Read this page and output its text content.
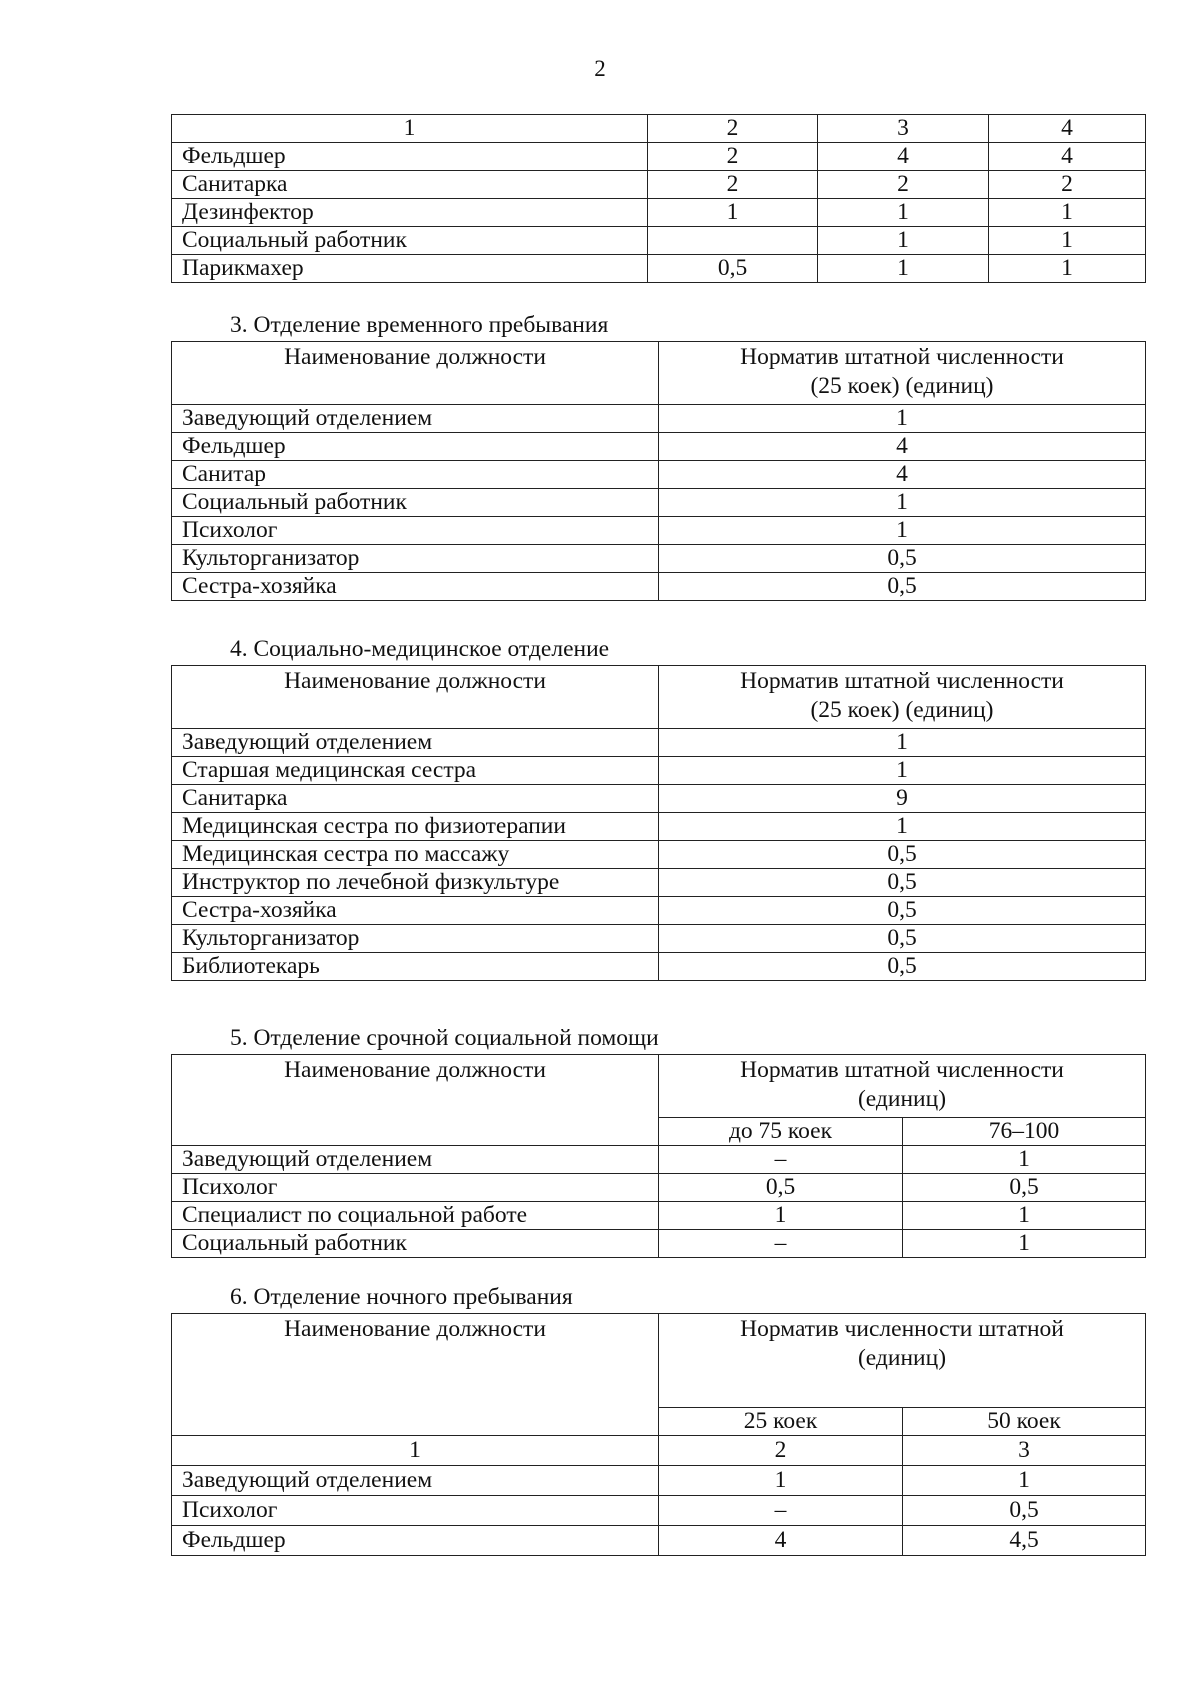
2
1	2	3	4
Фельдшер	2	4	4
Санитарка	2	2	2
Дезинфектор	1	1	1
Социальный работник		1	1
Парикмахер	0,5	1	1
3. Отделение временного пребывания
Наименование должности	Норматив штатной численности
(25 коек) (единиц)

Заведующий отделением	1
Фельдшер	4
Санитар	4
Социальный работник	1
Психолог	1
Культорганизатор	0,5
Сестра-хозяйка	0,5
4. Социально-медицинское отделение
Наименование должности	Норматив штатной численности
(25 коек) (единиц)

Заведующий отделением	1
Старшая медицинская сестра	1
Санитарка	9
Медицинская сестра по физиотерапии	1
Медицинская сестра по массажу	0,5
Инструктор по лечебной физкультуре	0,5
Сестра-хозяйка	0,5
Культорганизатор	0,5
Библиотекарь	0,5
5. Отделение срочной социальной помощи
Наименование должности	Норматив штатной численности
(единиц)	

	до 75 коек	76–100
Заведующий отделением	–	1
Психолог	0,5	0,5
Специалист по социальной работе	1	1
Социальный работник	–	1
6. Отделение ночного пребывания
Наименование должности	Норматив численности штатной
(единиц)	

	25 коек	50 коек
1	2	3
Заведующий отделением	1	1
Психолог	–	0,5
Фельдшер	4	4,5
